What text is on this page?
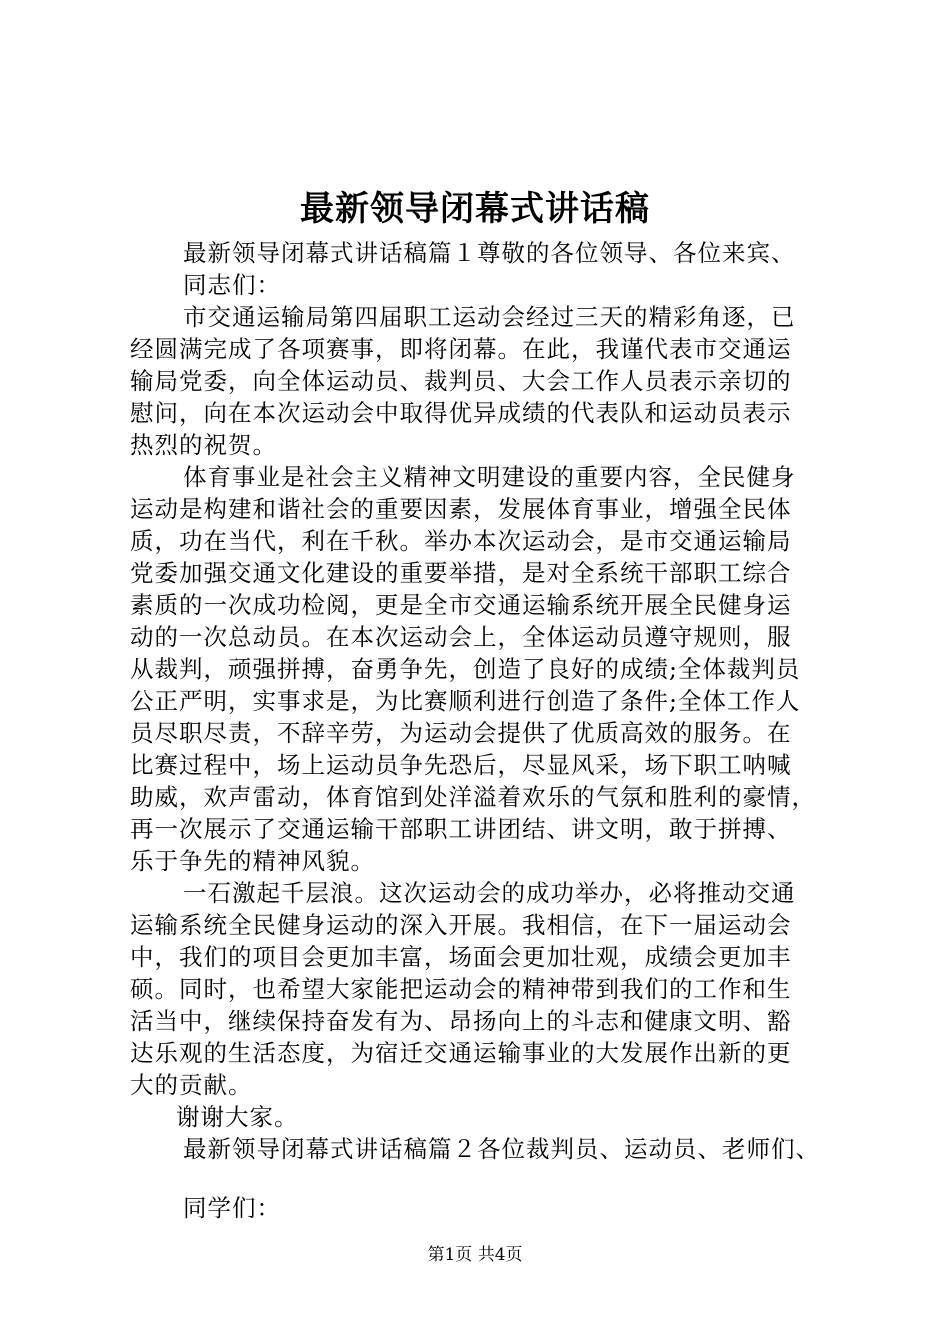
最新领导闭幕式讲话稿
最新领导闭幕式讲话稿篇１尊敬的各位领导、各位来宾、
同志们：
市交通运输局第四届职工运动会经过三天的精彩角逐，已
经圆满完成了各项赛事，即将闭幕。在此，我谨代表市交通运
输局党委，向全体运动员、裁判员、大会工作人员表示亲切的
慰问，向在本次运动会中取得优异成绩的代表队和运动员表示
热烈的祝贺。
体育事业是社会主义精神文明建设的重要内容，全民健身
运动是构建和谐社会的重要因素，发展体育事业，增强全民体
质，功在当代，利在千秋。举办本次运动会，是市交通运输局
党委加强交通文化建设的重要举措，是对全系统干部职工综合
素质的一次成功检阅，更是全市交通运输系统开展全民健身运
动的一次总动员。在本次运动会上，全体运动员遵守规则，服
从裁判，顽强拼搏，奋勇争先，创造了良好的成绩;全体裁判员
公正严明，实事求是，为比赛顺利进行创造了条件;全体工作人
员尽职尽责，不辞辛劳，为运动会提供了优质高效的服务。在
比赛过程中，场上运动员争先恐后，尽显风采，场下职工呐喊
助威，欢声雷动，体育馆到处洋溢着欢乐的气氛和胜利的豪情，
再一次展示了交通运输干部职工讲团结、讲文明，敢于拼搏、
乐于争先的精神风貌。
一石激起千层浪。这次运动会的成功举办，必将推动交通
运输系统全民健身运动的深入开展。我相信，在下一届运动会
中，我们的项目会更加丰富，场面会更加壮观，成绩会更加丰
硕。同时，也希望大家能把运动会的精神带到我们的工作和生
活当中，继续保持奋发有为、昂扬向上的斗志和健康文明、豁
达乐观的生活态度，为宿迁交通运输事业的大发展作出新的更
大的贡献。
谢谢大家。
最新领导闭幕式讲话稿篇２各位裁判员、运动员、老师们、
同学们：
第1页 共4页
